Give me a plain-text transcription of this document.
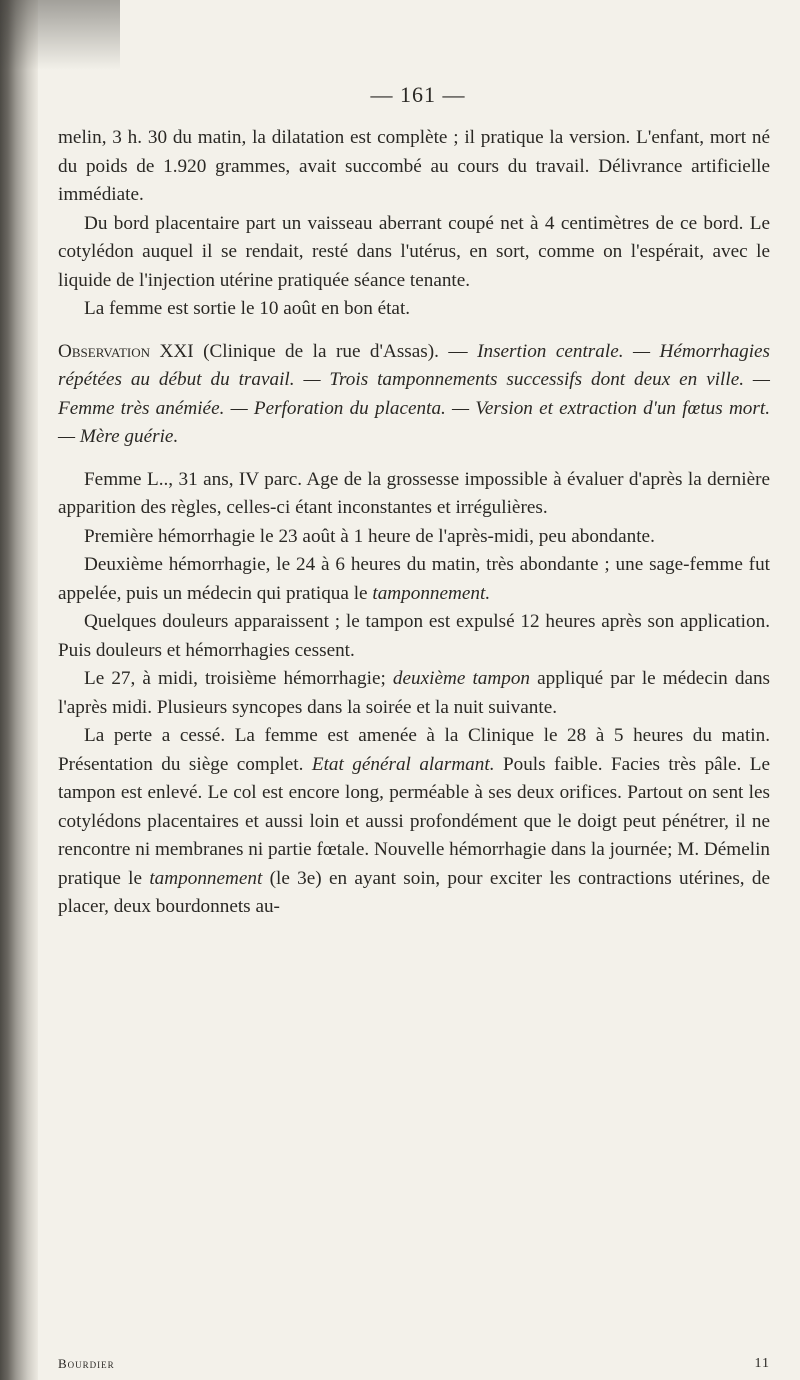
— 161 —

melin, 3 h. 30 du matin, la dilatation est complète ; il pratique la version. L'enfant, mort né du poids de 1.920 grammes, avait succombé au cours du travail. Délivrance artificielle immédiate.

Du bord placentaire part un vaisseau aberrant coupé net à 4 centimètres de ce bord. Le cotylédon auquel il se rendait, resté dans l'utérus, en sort, comme on l'espérait, avec le liquide de l'injection utérine pratiquée séance tenante.

La femme est sortie le 10 août en bon état.

Observation XXI (Clinique de la rue d'Assas). — Insertion centrale. — Hémorrhagies répétées au début du travail. — Trois tamponnements successifs dont deux en ville. — Femme très anémiée. — Perforation du placenta. — Version et extraction d'un fœtus mort. — Mère guérie.

Femme L.., 31 ans, IV parc. Age de la grossesse impossible à évaluer d'après la dernière apparition des règles, celles-ci étant inconstantes et irrégulières.

Première hémorrhagie le 23 août à 1 heure de l'après-midi, peu abondante.

Deuxième hémorrhagie, le 24 à 6 heures du matin, très abondante ; une sage-femme fut appelée, puis un médecin qui pratiqua le tamponnement.

Quelques douleurs apparaissent ; le tampon est expulsé 12 heures après son application. Puis douleurs et hémorrhagies cessent.

Le 27, à midi, troisième hémorrhagie; deuxième tampon appliqué par le médecin dans l'après midi. Plusieurs syncopes dans la soirée et la nuit suivante.

La perte a cessé. La femme est amenée à la Clinique le 28 à 5 heures du matin. Présentation du siège complet. Etat général alarmant. Pouls faible. Facies très pâle. Le tampon est enlevé. Le col est encore long, perméable à ses deux orifices. Partout on sent les cotylédons placentaires et aussi loin et aussi profondément que le doigt peut pénétrer, il ne rencontre ni membranes ni partie fœtale. Nouvelle hémorrhagie dans la journée; M. Démelin pratique le tamponnement (le 3e) en ayant soin, pour exciter les contractions utérines, de placer, deux bourdonnets au-

Bourdier	11
